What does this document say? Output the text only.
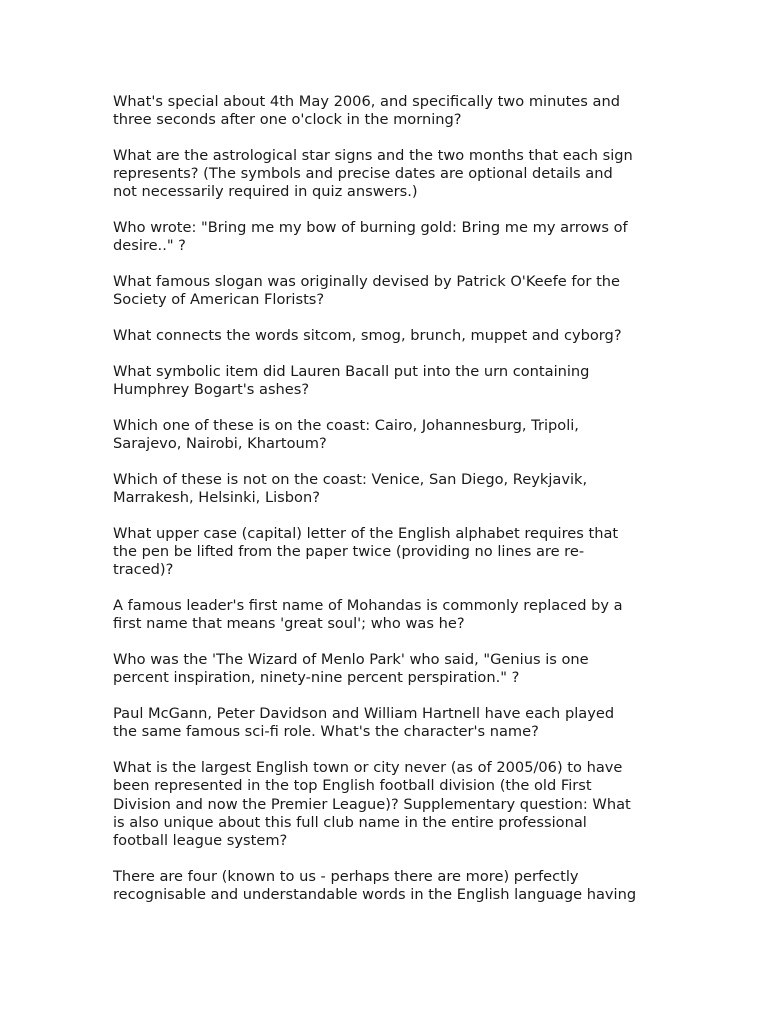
What's special about 4th May 2006, and specifically two minutes and
three seconds after one o'clock in the morning?
What are the astrological star signs and the two months that each sign
represents? (The symbols and precise dates are optional details and
not necessarily required in quiz answers.)
Who wrote: "Bring me my bow of burning gold: Bring me my arrows of
desire.." ?
What famous slogan was originally devised by Patrick O'Keefe for the
Society of American Florists?
What connects the words sitcom, smog, brunch, muppet and cyborg?
What symbolic item did Lauren Bacall put into the urn containing
Humphrey Bogart's ashes?
Which one of these is on the coast: Cairo, Johannesburg, Tripoli,
Sarajevo, Nairobi, Khartoum?
Which of these is not on the coast: Venice, San Diego, Reykjavik,
Marrakesh, Helsinki, Lisbon?
What upper case (capital) letter of the English alphabet requires that
the pen be lifted from the paper twice (providing no lines are re-
traced)?
A famous leader's first name of Mohandas is commonly replaced by a
first name that means 'great soul'; who was he?
Who was the 'The Wizard of Menlo Park' who said, "Genius is one
percent inspiration, ninety-nine percent perspiration." ?
Paul McGann, Peter Davidson and William Hartnell have each played
the same famous sci-fi role. What's the character's name?
What is the largest English town or city never (as of 2005/06) to have
been represented in the top English football division (the old First
Division and now the Premier League)? Supplementary question: What
is also unique about this full club name in the entire professional
football league system?
There are four (known to us - perhaps there are more) perfectly
recognisable and understandable words in the English language having
